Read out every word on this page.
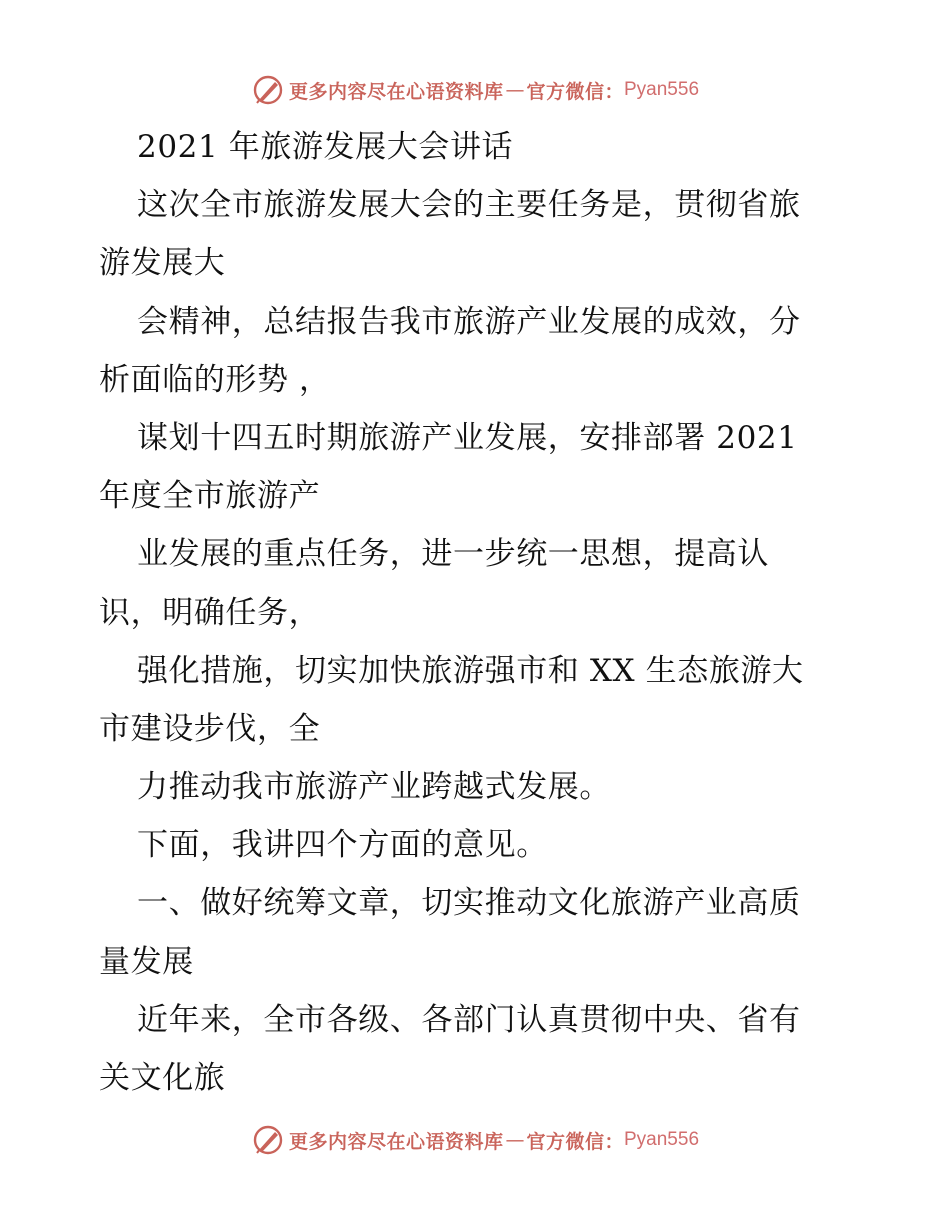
更多内容尽在心语资料库 — 官方微信： Pyan556
2021 年旅游发展大会讲话
这次全市旅游发展大会的主要任务是，贯彻省旅
游发展大
会精神，总结报告我市旅游产业发展的成效，分
析面临的形势 ，
谋划十四五时期旅游产业发展，安排部署 2021
年度全市旅游产
业发展的重点任务，进一步统一思想，提高认
识，明确任务，
强化措施，切实加快旅游强市和 XX 生态旅游大
市建设步伐，全
力推动我市旅游产业跨越式发展。
下面，我讲四个方面的意见。
一、做好统筹文章，切实推动文化旅游产业高质
量发展
近年来，全市各级、各部门认真贯彻中央、省有
关文化旅
更多内容尽在心语资料库 — 官方微信： Pyan556
